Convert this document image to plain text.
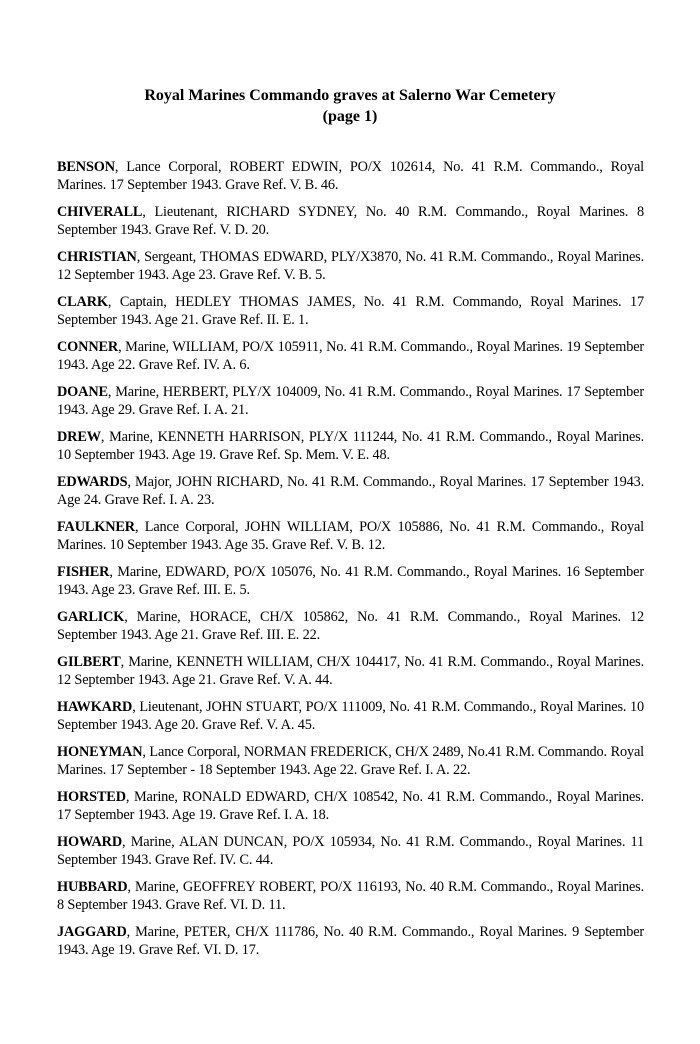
Royal Marines Commando graves at Salerno War Cemetery
(page 1)

BENSON, Lance Corporal, ROBERT EDWIN, PO/X 102614, No. 41 R.M. Commando., Royal Marines. 17 September 1943. Grave Ref. V. B. 46.

CHIVERALL, Lieutenant, RICHARD SYDNEY, No. 40 R.M. Commando., Royal Marines. 8 September 1943. Grave Ref. V. D. 20.

CHRISTIAN, Sergeant, THOMAS EDWARD, PLY/X3870, No. 41 R.M. Commando., Royal Marines. 12 September 1943. Age 23. Grave Ref. V. B. 5.

CLARK, Captain, HEDLEY THOMAS JAMES, No. 41 R.M. Commando, Royal Marines. 17 September 1943. Age 21. Grave Ref. II. E. 1.

CONNER, Marine, WILLIAM, PO/X 105911, No. 41 R.M. Commando., Royal Marines. 19 September 1943. Age 22. Grave Ref. IV. A. 6.

DOANE, Marine, HERBERT, PLY/X 104009, No. 41 R.M. Commando., Royal Marines. 17 September 1943. Age 29. Grave Ref. I. A. 21.

DREW, Marine, KENNETH HARRISON, PLY/X 111244, No. 41 R.M. Commando., Royal Marines. 10 September 1943. Age 19. Grave Ref. Sp. Mem. V. E. 48.

EDWARDS, Major, JOHN RICHARD, No. 41 R.M. Commando., Royal Marines. 17 September 1943. Age 24. Grave Ref. I. A. 23.

FAULKNER, Lance Corporal, JOHN WILLIAM, PO/X 105886, No. 41 R.M. Commando., Royal Marines. 10 September 1943. Age 35. Grave Ref. V. B. 12.

FISHER, Marine, EDWARD, PO/X 105076, No. 41 R.M. Commando., Royal Marines. 16 September 1943. Age 23. Grave Ref. III. E. 5.

GARLICK, Marine, HORACE, CH/X 105862, No. 41 R.M. Commando., Royal Marines. 12 September 1943. Age 21. Grave Ref. III. E. 22.

GILBERT, Marine, KENNETH WILLIAM, CH/X 104417, No. 41 R.M. Commando., Royal Marines. 12 September 1943. Age 21. Grave Ref. V. A. 44.

HAWKARD, Lieutenant, JOHN STUART, PO/X 111009, No. 41 R.M. Commando., Royal Marines. 10 September 1943. Age 20. Grave Ref. V. A. 45.

HONEYMAN, Lance Corporal, NORMAN FREDERICK, CH/X 2489, No.41 R.M. Commando. Royal Marines. 17 September - 18 September 1943. Age 22. Grave Ref. I. A. 22.

HORSTED, Marine, RONALD EDWARD, CH/X 108542, No. 41 R.M. Commando., Royal Marines. 17 September 1943. Age 19. Grave Ref. I. A. 18.

HOWARD, Marine, ALAN DUNCAN, PO/X 105934, No. 41 R.M. Commando., Royal Marines. 11 September 1943. Grave Ref. IV. C. 44.

HUBBARD, Marine, GEOFFREY ROBERT, PO/X 116193, No. 40 R.M. Commando., Royal Marines. 8 September 1943. Grave Ref. VI. D. 11.

JAGGARD, Marine, PETER, CH/X 111786, No. 40 R.M. Commando., Royal Marines. 9 September 1943. Age 19. Grave Ref. VI. D. 17.
